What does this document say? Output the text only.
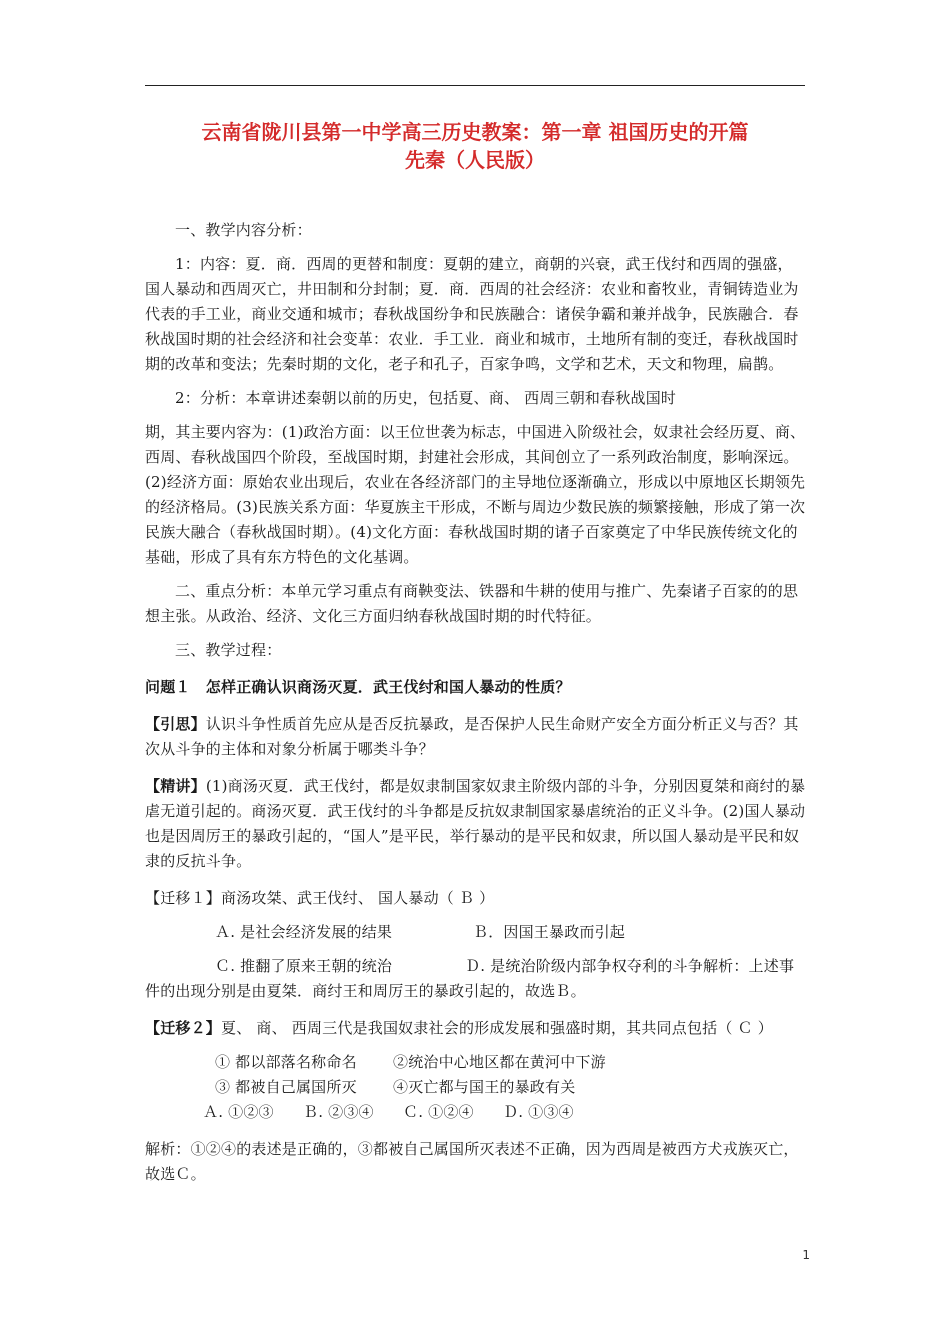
云南省陇川县第一中学高三历史教案：第一章 祖国历史的开篇
先秦（人民版）

一、教学内容分析：

1：内容：夏．商．西周的更替和制度：夏朝的建立，商朝的兴衰，武王伐纣和西周的强盛，国人暴动和西周灭亡，井田制和分封制；夏．商．西周的社会经济：农业和畜牧业，青铜铸造业为代表的手工业，商业交通和城市；春秋战国纷争和民族融合：诸侯争霸和兼并战争，民族融合．春秋战国时期的社会经济和社会变革：农业．手工业．商业和城市，土地所有制的变迁，春秋战国时期的改革和变法；先秦时期的文化，老子和孔子，百家争鸣，文学和艺术，天文和物理，扁鹊。

2：分析：本章讲述秦朝以前的历史，包括夏、商、 西周三朝和春秋战国时

期，其主要内容为：(1)政治方面：以王位世袭为标志，中国进入阶级社会，奴隶社会经历夏、商、西周、春秋战国四个阶段，至战国时期，封建社会形成，其间创立了一系列政治制度，影响深远。(2)经济方面：原始农业出现后，农业在各经济部门的主导地位逐渐确立，形成以中原地区长期领先的经济格局。(3)民族关系方面：华夏族主干形成，不断与周边少数民族的频繁接触，形成了第一次民族大融合（春秋战国时期）。(4)文化方面：春秋战国时期的诸子百家奠定了中华民族传统文化的基础，形成了具有东方特色的文化基调。

二、重点分析：本单元学习重点有商鞅变法、铁器和牛耕的使用与推广、先秦诸子百家的的思想主张。从政治、经济、文化三方面归纳春秋战国时期的时代特征。

三、教学过程：

问题１　怎样正确认识商汤灭夏．武王伐纣和国人暴动的性质？

【引思】认识斗争性质首先应从是否反抗暴政，是否保护人民生命财产安全方面分析正义与否？其次从斗争的主体和对象分析属于哪类斗争？

【精讲】(1)商汤灭夏．武王伐纣，都是奴隶制国家奴隶主阶级内部的斗争，分别因夏桀和商纣的暴虐无道引起的。商汤灭夏．武王伐纣的斗争都是反抗奴隶制国家暴虐统治的正义斗争。(2)国人暴动也是因周厉王的暴政引起的，“国人”是平民，举行暴动的是平民和奴隶，所以国人暴动是平民和奴隶的反抗斗争。

【迁移１】商汤攻桀、武王伐纣、 国人暴动（ Ｂ ）

Ａ. 是社会经济发展的结果	Ｂ．因国王暴政而引起

Ｃ. 推翻了原来王朝的统治	Ｄ. 是统治阶级内部争权夺利的斗争解析：上述事件的出现分别是由夏桀．商纣王和周厉王的暴政引起的，故选Ｂ。

【迁移２】夏、 商、 西周三代是我国奴隶社会的形成发展和强盛时期，其共同点包括（ Ｃ ）

① 都以部落名称命名 ②统治中心地区都在黄河中下游

③ 都被自己属国所灭 ④灭亡都与国王的暴政有关

Ａ. ①②③ Ｂ. ②③④ Ｃ. ①②④ Ｄ. ①③④

解析：①②④的表述是正确的，③都被自己属国所灭表述不正确，因为西周是被西方犬戎族灭亡，故选Ｃ。

1
